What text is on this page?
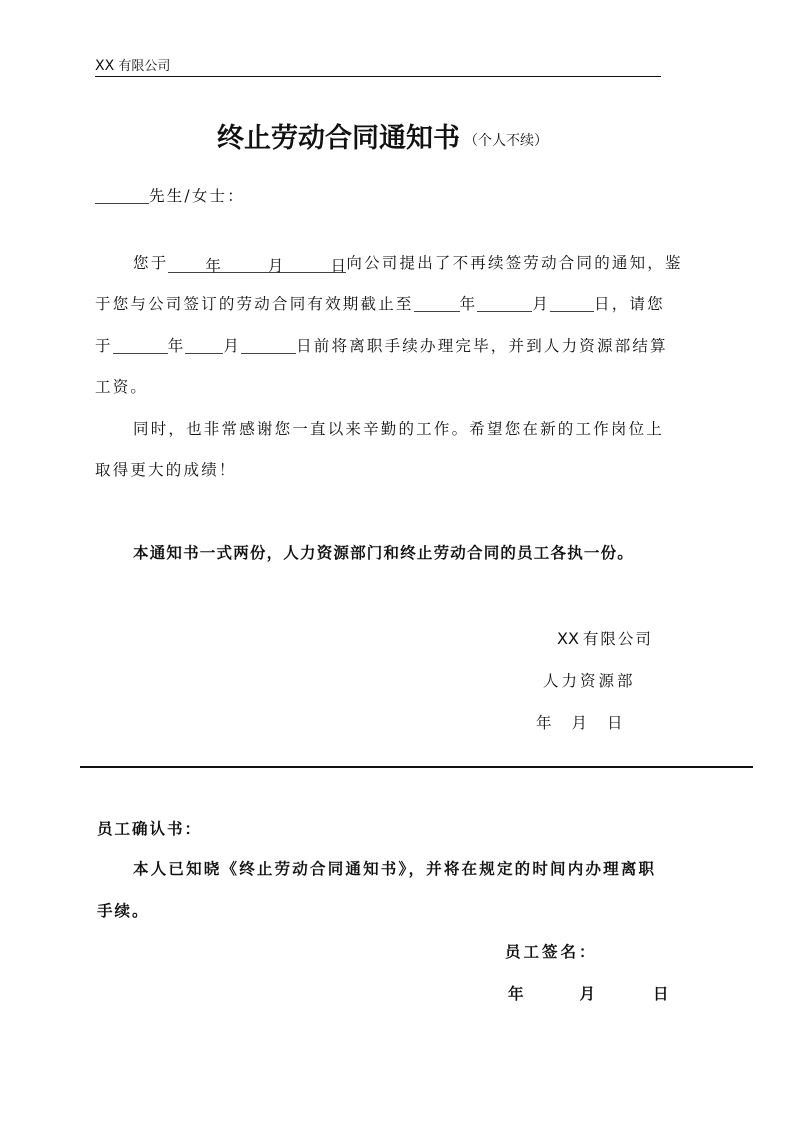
XX 有限公司
终止劳动合同通知书 （个人不续）
先生/女士：
您于 年	月	日向公司提出了不再续签劳动合同的通知，鉴
于您与公司签订的劳动合同有效期截止至	年	月	日，请您
于	年 月	日前将离职手续办理完毕，并到人力资源部结算
工资。
同时，也非常感谢您一直以来辛勤的工作。希望您在新的工作岗位上
取得更大的成绩！
本通知书一式两份，人力资源部门和终止劳动合同的员工各执一份。
XX 有限公司
人力资源部
年 月 日
员工确认书：
本人已知晓《终止劳动合同通知书》，并将在规定的时间内办理离职
手续。
员工签名：
年	月	日
